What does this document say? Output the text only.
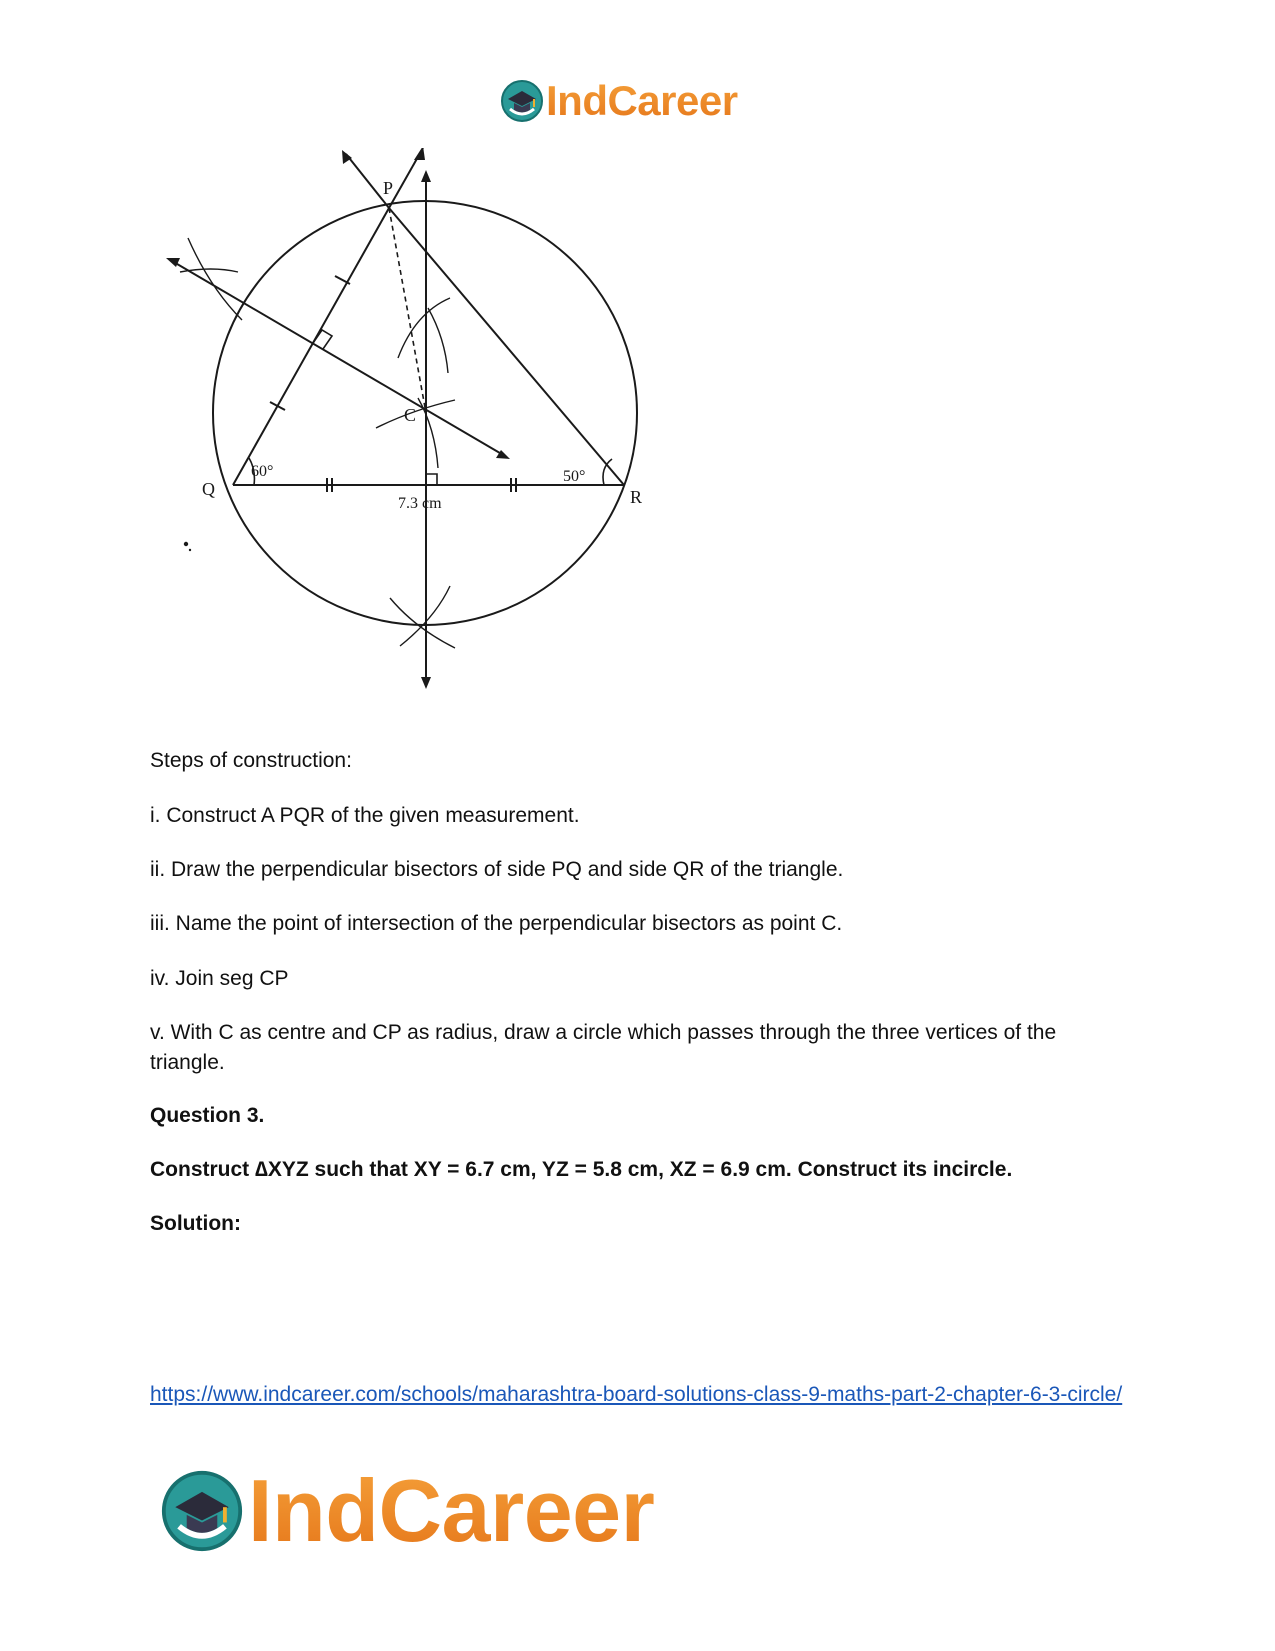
IndCareer
P
Q	R
C
60°	50°
7.3 cm
Steps of construction:
i. Construct A PQR of the given measurement.
ii. Draw the perpendicular bisectors of side PQ and side QR of the triangle.
iii. Name the point of intersection of the perpendicular bisectors as point C.
iv. Join seg CP
v. With C as centre and CP as radius, draw a circle which passes through the three vertices of the triangle.
Question 3.
Construct ∆XYZ such that XY = 6.7 cm, YZ = 5.8 cm, XZ = 6.9 cm. Construct its incircle.
Solution:
https://www.indcareer.com/schools/maharashtra-board-solutions-class-9-maths-part-2-chapter-6-3-circle/
IndCareer
